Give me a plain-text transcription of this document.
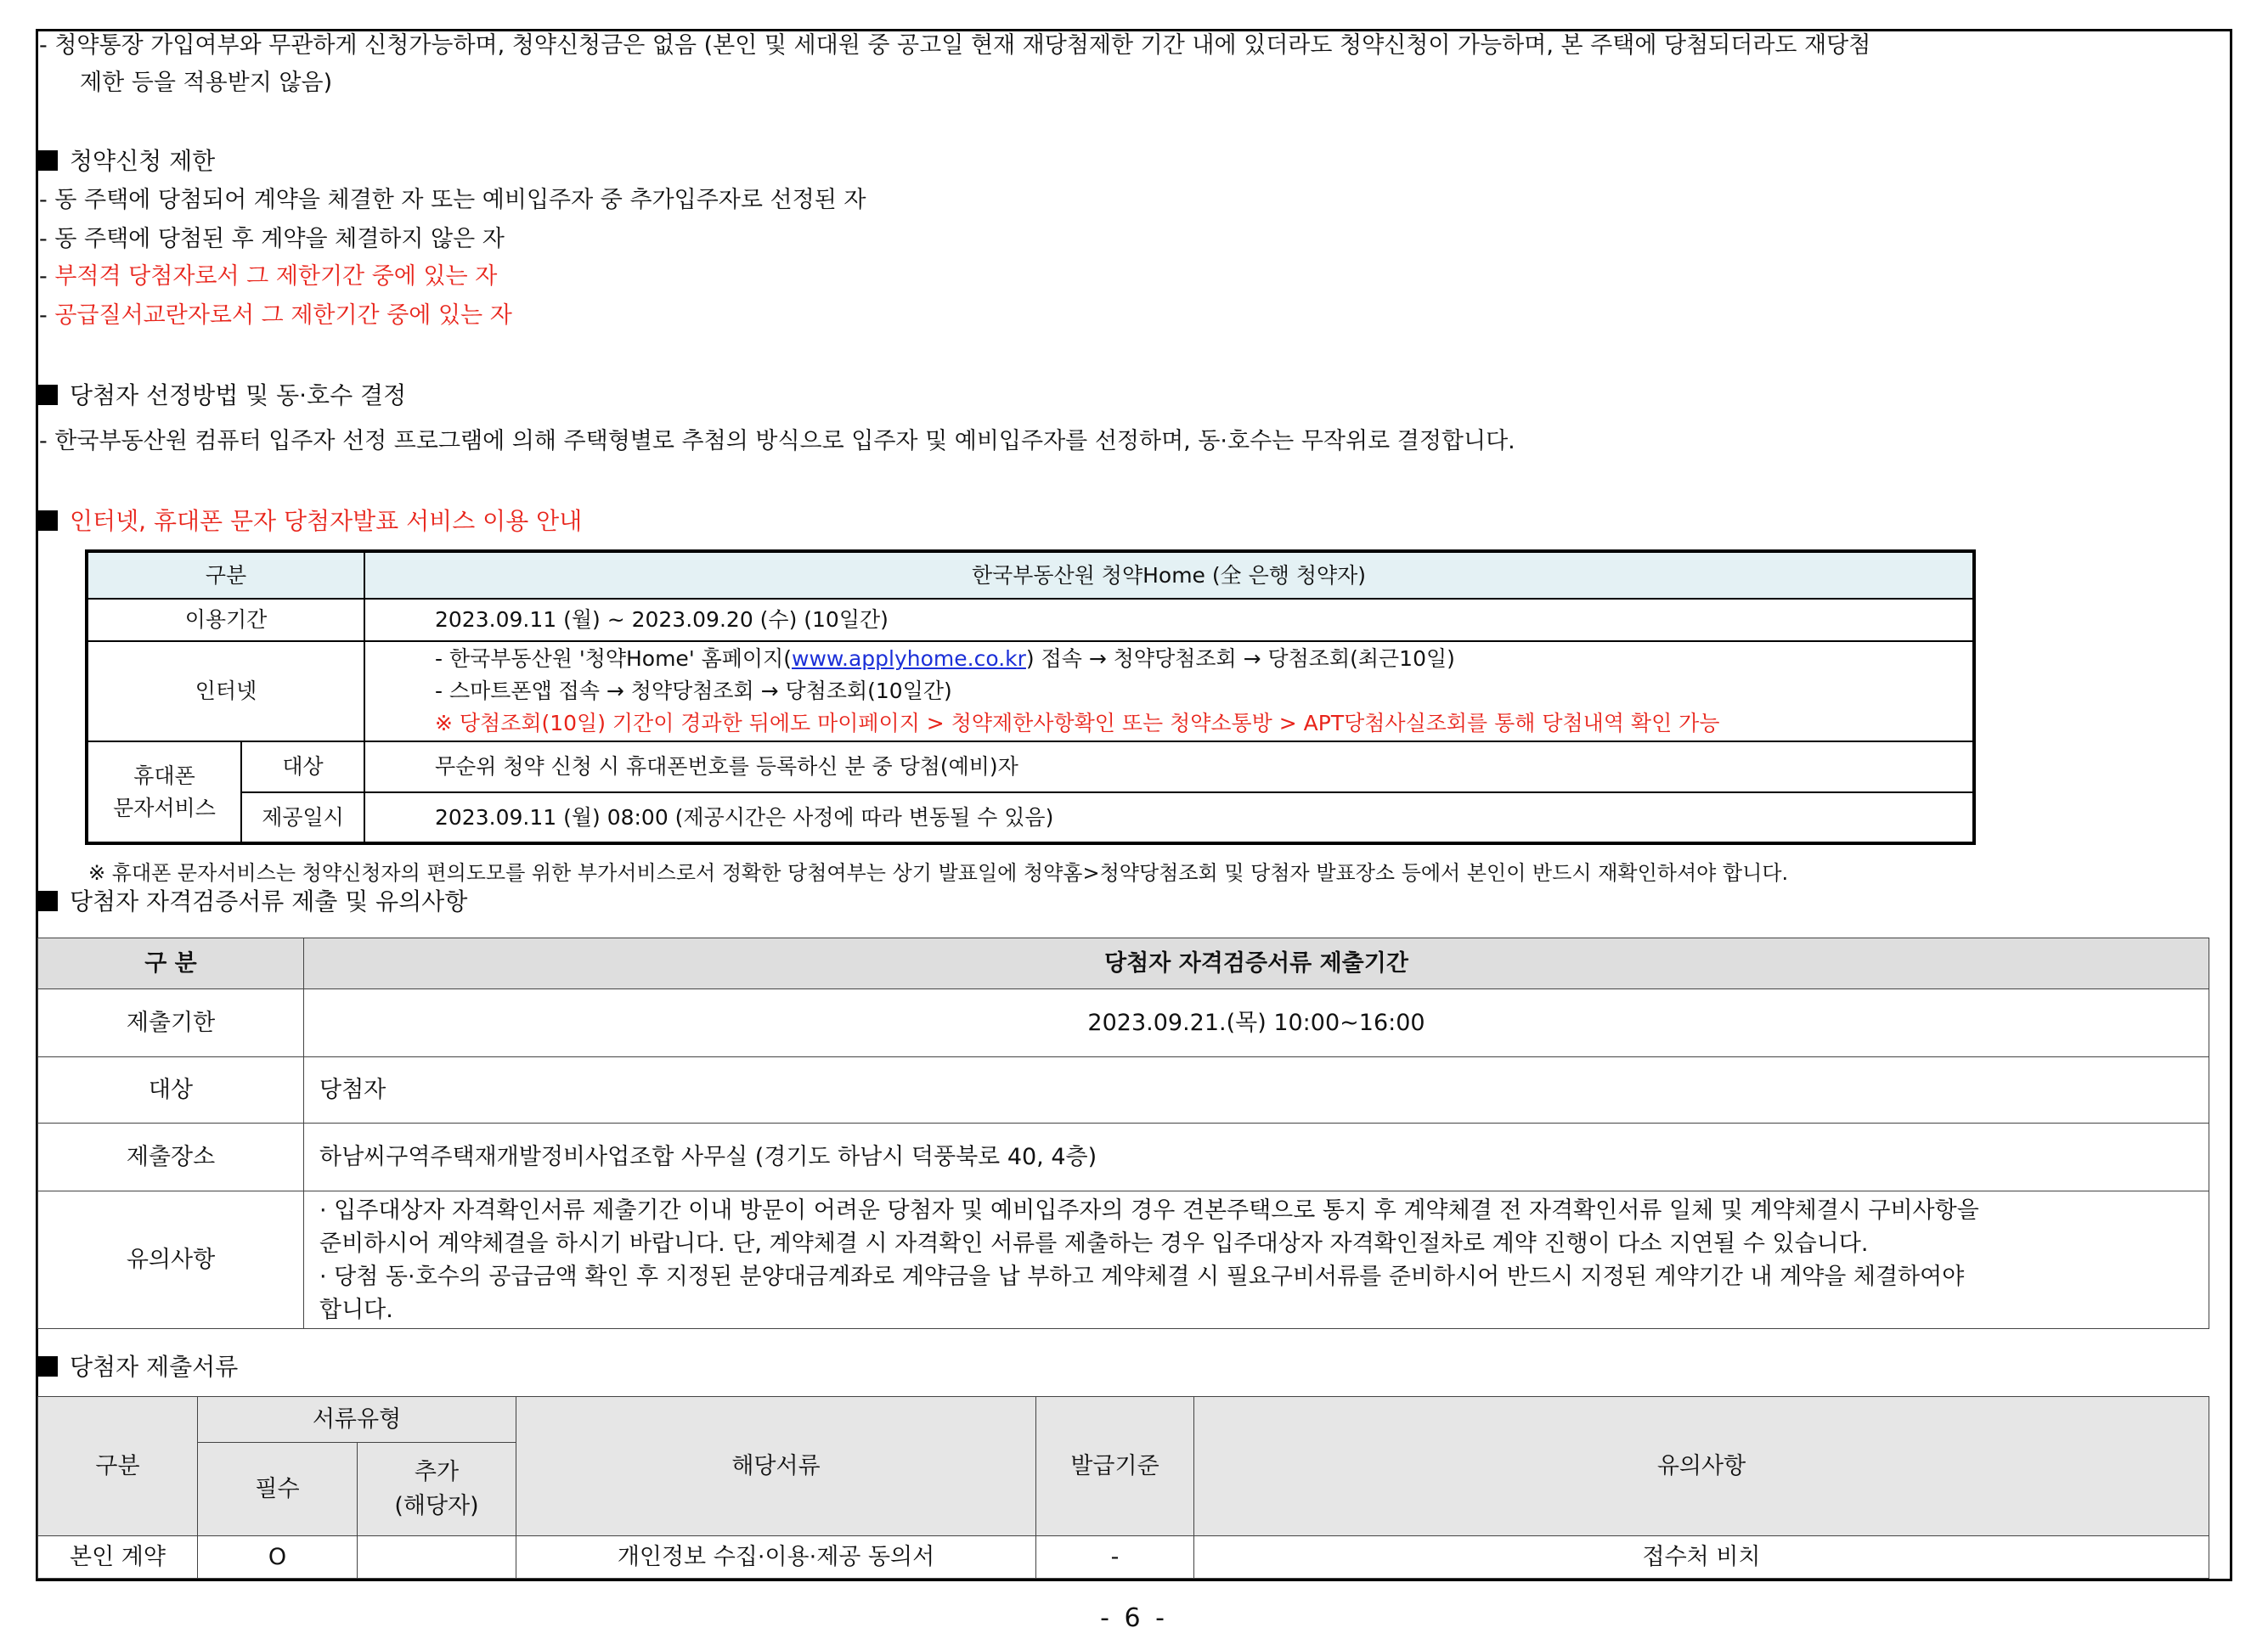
- 청약통장 가입여부와 무관하게 신청가능하며, 청약신청금은 없음 (본인 및 세대원 중 공고일 현재 재당첨제한 기간 내에 있더라도 청약신청이 가능하며, 본 주택에 당첨되더라도 재당첨
제한 등을 적용받지 않음)
청약신청 제한
- 동 주택에 당첨되어 계약을 체결한 자 또는 예비입주자 중 추가입주자로 선정된 자
- 동 주택에 당첨된 후 계약을 체결하지 않은 자
- 부적격 당첨자로서 그 제한기간 중에 있는 자
- 공급질서교란자로서 그 제한기간 중에 있는 자
당첨자 선정방법 및 동·호수 결정
- 한국부동산원 컴퓨터 입주자 선정 프로그램에 의해 주택형별로 추첨의 방식으로 입주자 및 예비입주자를 선정하며, 동·호수는 무작위로 결정합니다.
인터넷, 휴대폰 문자 당첨자발표 서비스 이용 안내
구분		한국부동산원 청약Home (全 은행 청약자)
이용기간		2023.09.11 (월) ~ 2023.09.20 (수) (10일간)
인터넷		- 한국부동산원 '청약Home' 홈페이지(www.applyhome.co.kr) 접속 → 청약당첨조회 → 당첨조회(최근10일)
- 스마트폰앱 접속 → 청약당첨조회 → 당첨조회(10일간)
※ 당첨조회(10일) 기간이 경과한 뒤에도 마이페이지 > 청약제한사항확인 또는 청약소통방 > APT당첨사실조회를 통해 당첨내역 확인 가능

휴대폰
문자서비스	대상	무순위 청약 신청 시 휴대폰번호를 등록하신 분 중 당첨(예비)자
	제공일시	2023.09.11 (월) 08:00 (제공시간은 사정에 따라 변동될 수 있음)
※ 휴대폰 문자서비스는 청약신청자의 편의도모를 위한 부가서비스로서 정확한 당첨여부는 상기 발표일에 청약홈>청약당첨조회 및 당첨자 발표장소 등에서 본인이 반드시 재확인하셔야 합니다.
당첨자 자격검증서류 제출 및 유의사항
구 분	당첨자 자격검증서류 제출기간
제출기한	2023.09.21.(목) 10:00~16:00
대상	당첨자
제출장소	하남씨구역주택재개발정비사업조합 사무실 (경기도 하남시 덕풍북로 40, 4층)
유의사항	· 입주대상자 자격확인서류 제출기간 이내 방문이 어려운 당첨자 및 예비입주자의 경우 견본주택으로 통지 후 계약체결 전 자격확인서류 일체 및 계약체결시 구비사항을
준비하시어 계약체결을 하시기 바랍니다. 단, 계약체결 시 자격확인 서류를 제출하는 경우 입주대상자 자격확인절차로 계약 진행이 다소 지연될 수 있습니다.
· 당첨 동·호수의 공급금액 확인 후 지정된 분양대금계좌로 계약금을 납 부하고 계약체결 시 필요구비서류를 준비하시어 반드시 지정된 계약기간 내 계약을 체결하여야
합니다.
당첨자 제출서류
구분	서류유형		해당서류	발급기준	유의사항
	필수	추가
(해당자)			

본인 계약	O		개인정보 수집·이용·제공 동의서	-	접수처 비치
- 6 -
